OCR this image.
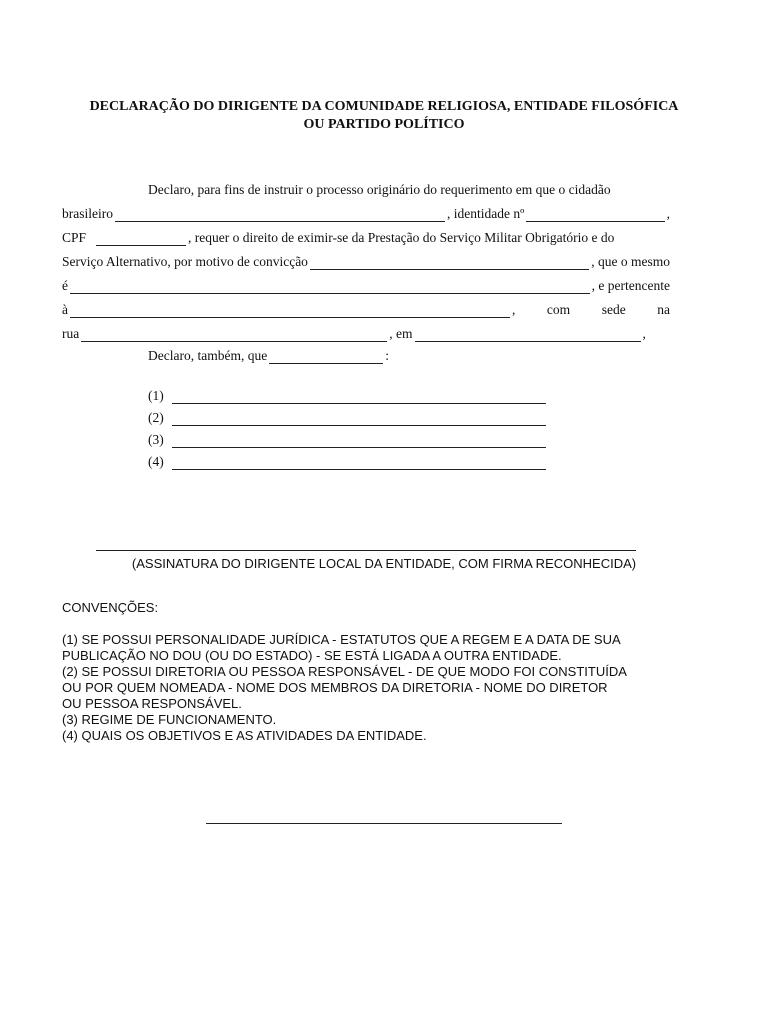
DECLARAÇÃO DO DIRIGENTE DA COMUNIDADE RELIGIOSA, ENTIDADE FILOSÓFICA
OU PARTIDO POLÍTICO
Declaro, para fins de instruir o processo originário do requerimento em que o cidadão
brasileiro	, identidade nº	,
CPF	, requer o direito de eximir-se da Prestação do Serviço Militar Obrigatório e do
Serviço Alternativo, por motivo de convicção	, que o mesmo
é	, e pertencente
à	, com sede na
rua	, em	,
Declaro, também, que	:
(1)
(2)
(3)
(4)
(ASSINATURA DO DIRIGENTE LOCAL DA ENTIDADE, COM FIRMA RECONHECIDA)
CONVENÇÕES:

(1) SE POSSUI PERSONALIDADE JURÍDICA - ESTATUTOS QUE A REGEM E A DATA DE SUA

PUBLICAÇÃO NO DOU (OU DO ESTADO) - SE ESTÁ LIGADA A OUTRA ENTIDADE.

(2) SE POSSUI DIRETORIA OU PESSOA RESPONSÁVEL - DE QUE MODO FOI CONSTITUÍDA

OU POR QUEM NOMEADA - NOME DOS MEMBROS DA DIRETORIA - NOME DO DIRETOR

OU PESSOA RESPONSÁVEL.

(3) REGIME DE FUNCIONAMENTO.

(4) QUAIS OS OBJETIVOS E AS ATIVIDADES DA ENTIDADE.
